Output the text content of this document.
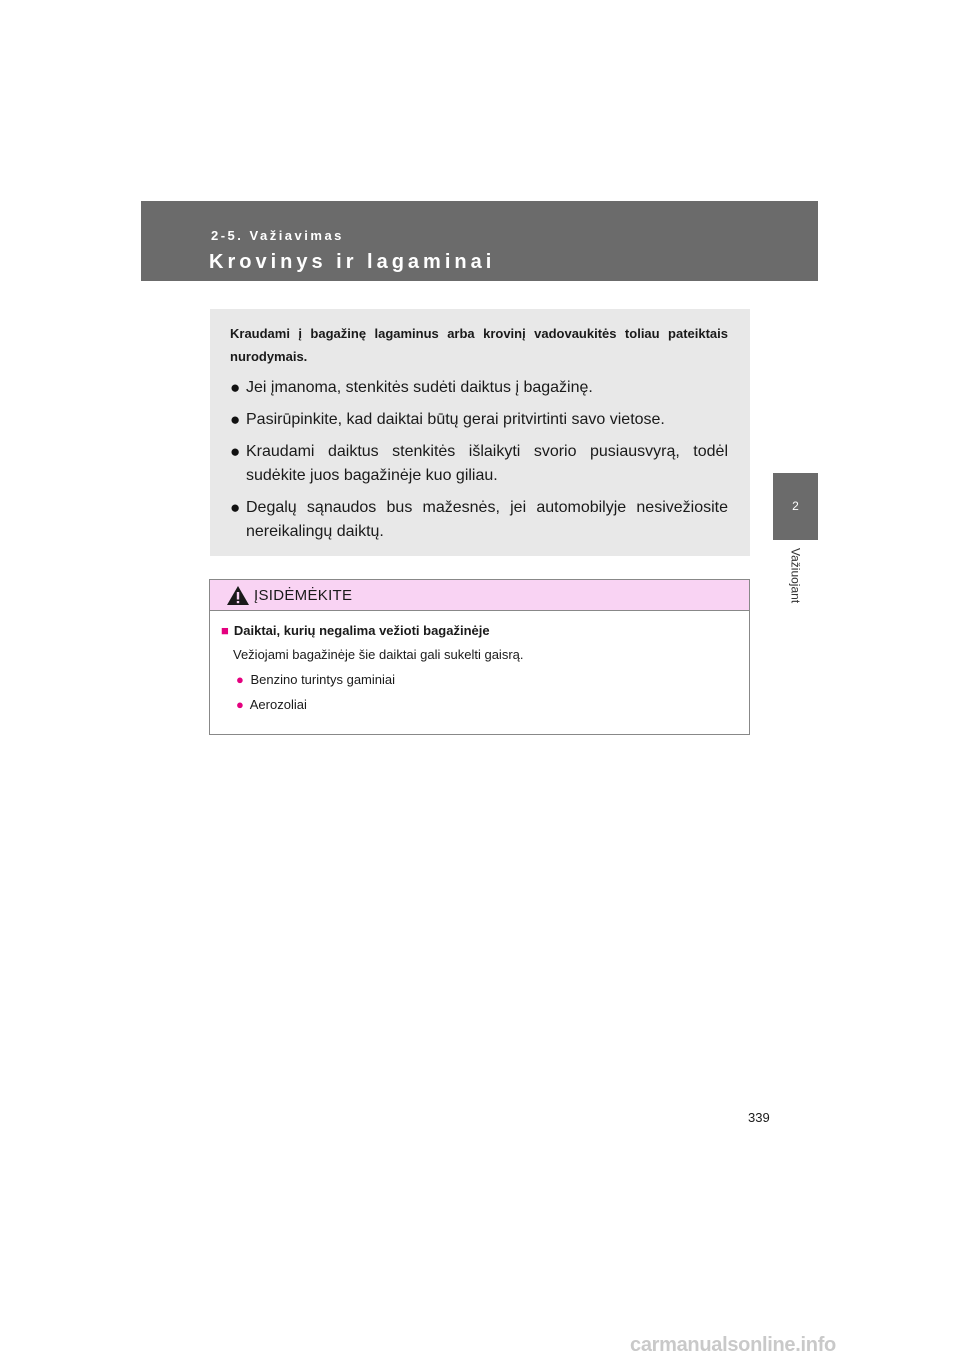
2-5. Važiavimas
Krovinys ir lagaminai
2
Važiuojant

Kraudami į bagažinę lagaminus arba krovinį vadovaukitės toliau pateiktais nurodymais.

● Jei įmanoma, stenkitės sudėti daiktus į bagažinę.
● Pasirūpinkite, kad daiktai būtų gerai pritvirtinti savo vietose.
● Kraudami daiktus stenkitės išlaikyti svorio pusiausvyrą, todėl sudėkite juos bagažinėje kuo giliau.
● Degalų sąnaudos bus mažesnės, jei automobilyje nesivežiosite nereikalingų daiktų.
ĮSIDĖMĖKITE
■ Daiktai, kurių negalima vežioti bagažinėje
Vežiojami bagažinėje šie daiktai gali sukelti gaisrą.
● Benzino turintys gaminiai
● Aerozoliai
339
carmanualsonline.info
